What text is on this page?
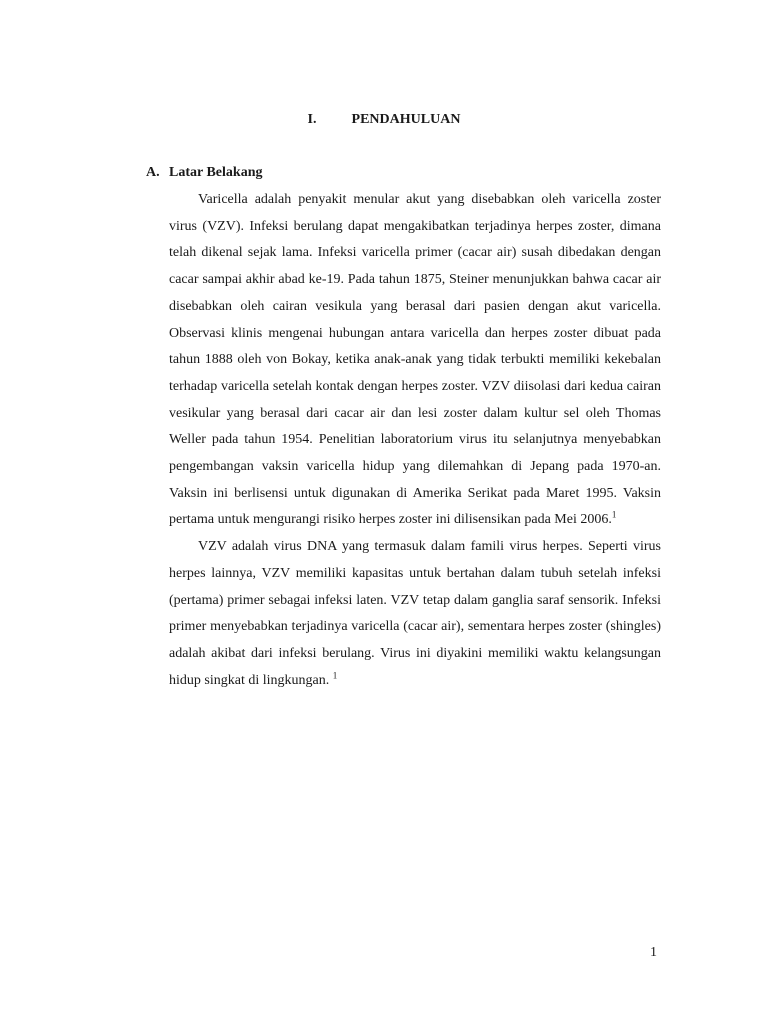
I.	PENDAHULUAN
A. Latar Belakang

Varicella adalah penyakit menular akut yang disebabkan oleh varicella zoster virus (VZV). Infeksi berulang dapat mengakibatkan terjadinya herpes zoster, dimana telah dikenal sejak lama. Infeksi varicella primer (cacar air) susah dibedakan dengan cacar sampai akhir abad ke-19. Pada tahun 1875, Steiner menunjukkan bahwa cacar air disebabkan oleh cairan vesikula yang berasal dari pasien dengan akut varicella. Observasi klinis mengenai hubungan antara varicella dan herpes zoster dibuat pada tahun 1888 oleh von Bokay, ketika anak-anak yang tidak terbukti memiliki kekebalan terhadap varicella setelah kontak dengan herpes zoster. VZV diisolasi dari kedua cairan vesikular yang berasal dari cacar air dan lesi zoster dalam kultur sel oleh Thomas Weller pada tahun 1954. Penelitian laboratorium virus itu selanjutnya menyebabkan pengembangan vaksin varicella hidup yang dilemahkan di Jepang pada 1970-an. Vaksin ini berlisensi untuk digunakan di Amerika Serikat pada Maret 1995. Vaksin pertama untuk mengurangi risiko herpes zoster ini dilisensikan pada Mei 2006.$^1$

VZV adalah virus DNA yang termasuk dalam famili virus herpes. Seperti virus herpes lainnya, VZV memiliki kapasitas untuk bertahan dalam tubuh setelah infeksi (pertama) primer sebagai infeksi laten. VZV tetap dalam ganglia saraf sensorik. Infeksi primer menyebabkan terjadinya varicella (cacar air), sementara herpes zoster (shingles) adalah akibat dari infeksi berulang. Virus ini diyakini memiliki waktu kelangsungan hidup singkat di lingkungan. $^1$

1
